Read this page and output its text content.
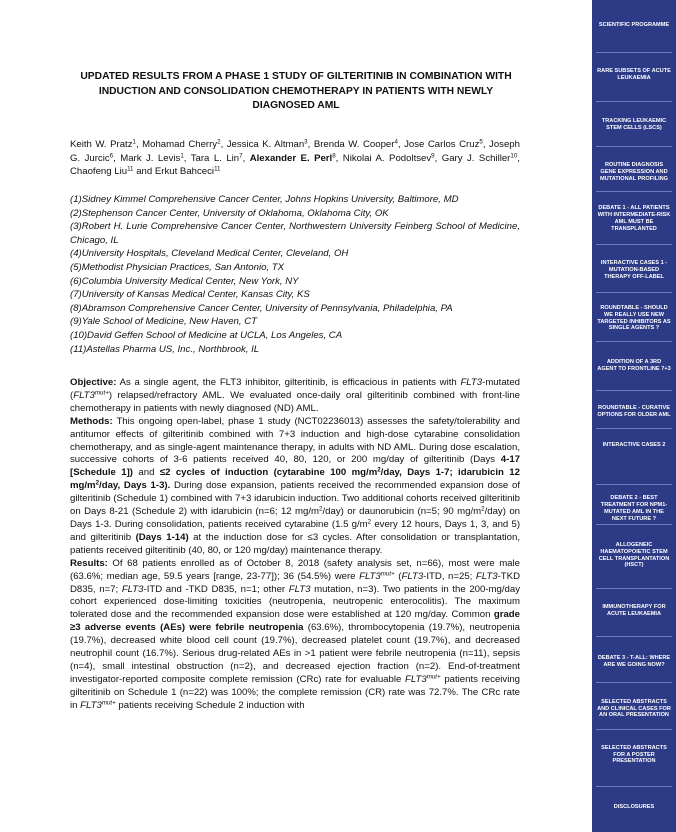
UPDATED RESULTS FROM A PHASE 1 STUDY OF GILTERITINIB IN COMBINATION WITH INDUCTION AND CONSOLIDATION CHEMOTHERAPY IN PATIENTS WITH NEWLY DIAGNOSED AML

Keith W. Pratz$^1$, Mohamad Cherry$^2$, Jessica K. Altman$^3$, Brenda W. Cooper$^4$, Jose Carlos Cruz$^5$, Joseph G. Jurcic$^6$, Mark J. Levis$^1$, Tara L. Lin$^7$, Alexander E. Perl$^8$, Nikolai A. Podoltsev$^9$, Gary J. Schiller$^{10}$, Chaofeng Liu$^{11}$ and Erkut Bahceci$^{11}$

(1)Sidney Kimmel Comprehensive Cancer Center, Johns Hopkins University, Baltimore, MD
(2)Stephenson Cancer Center, University of Oklahoma, Oklahoma City, OK
(3)Robert H. Lurie Comprehensive Cancer Center, Northwestern University Feinberg School of Medicine, Chicago, IL
(4)University Hospitals, Cleveland Medical Center, Cleveland, OH
(5)Methodist Physician Practices, San Antonio, TX
(6)Columbia University Medical Center, New York, NY
(7)University of Kansas Medical Center, Kansas City, KS
(8)Abramson Comprehensive Cancer Center, University of Pennsylvania, Philadelphia, PA
(9)Yale School of Medicine, New Haven, CT
(10)David Geffen School of Medicine at UCLA, Los Angeles, CA
(11)Astellas Pharma US, Inc., Northbrook, IL

Objective: As a single agent, the FLT3 inhibitor, gilteritinib, is efficacious in patients with FLT3-mutated $(FLT3^{mut+})$ relapsed/refractory AML. We evaluated once-daily oral gilteritinib combined with front-line chemotherapy in patients with newly diagnosed (ND) AML.

Methods: This ongoing open-label, phase 1 study (NCT02236013) assesses the safety/tolerability and antitumor effects of gilteritinib combined with 7+3 induction and high-dose cytarabine consolidation chemotherapy, and as single-agent maintenance therapy, in adults with ND AML. During dose escalation, successive cohorts of 3-6 patients received 40, 80, 120, or 200 mg/day of gilteritinib (Days 4-17 [Schedule 1]) and ≤2 cycles of induction (cytarabine 100 $mg/m^2$/day, Days 1-7; idarubicin 12 $mg/m^2$/day, Days 1-3). During dose expansion, patients received the recommended expansion dose of gilteritinib (Schedule 1) combined with 7+3 idarubicin induction. Two additional cohorts received gilteritinib on Days 8-21 (Schedule 2) with idarubicin (n=6; 12 $mg/m^2/day$) or daunorubicin (n=5; 90 $mg/m^2/day$) on Days 1-3. During consolidation, patients received cytarabine (1.5 $g/m^2$ every 12 hours, Days 1, 3, and 5) and gilteritinib (Days 1-14) at the induction dose for ≤3 cycles. After consolidation or transplantation, patients received gilteritinib (40, 80, or 120 mg/day) maintenance therapy.

Results: Of 68 patients enrolled as of October 8, 2018 (safety analysis set, n=66), most were male (63.6%; median age, 59.5 years [range, 23-77]); 36 (54.5%) were $FLT3^{mut+}$ (FLT3-ITD, n=25; FLT3-TKD D835, n=7; FLT3-ITD and -TKD D835, n=1; other FLT3 mutation, n=3). Two patients in the 200-mg/day cohort experienced dose-limiting toxicities (neutropenia, neutropenic enterocolitis). The maximum tolerated dose and the recommended expansion dose were established at 120 mg/day. Common grade ≥3 adverse events (AEs) were febrile neutropenia (63.6%), thrombocytopenia (19.7%), neutropenia (19.7%), decreased white blood cell count (19.7%), decreased platelet count (19.7%), and decreased neutrophil count (16.7%). Serious drug-related AEs in >1 patient were febrile neutropenia (n=11), sepsis (n=4), small intestinal obstruction (n=2), and decreased ejection fraction (n=2). End-of-treatment investigator-reported composite complete remission (CRc) rate for evaluable $FLT3^{mut+}$ patients receiving gilteritinib on Schedule 1 (n=22) was 100%; the complete remission (CR) rate was 72.7%. The CRc rate in $FLT3^{mut+}$ patients receiving Schedule 2 induction with

SCIENTIFIC PROGRAMME
RARE SUBSETS OF ACUTE LEUKAEMIA
TRACKING LEUKAEMIC STEM CELLS (LSCS)
ROUTINE DIAGNOSIS GENE EXPRESSION AND MUTATIONAL PROFILING
DEBATE 1 - ALL PATIENTS WITH INTERMEDIATE-RISK AML MUST BE TRANSPLANTED
INTERACTIVE CASES 1 - MUTATION-BASED THERAPY OFF-LABEL
ROUNDTABLE - SHOULD WE REALLY USE NEW TARGETED INHIBITORS AS SINGLE AGENTS ?
ADDITION OF A 3RD AGENT TO FRONTLINE 7+3
ROUNDTABLE - CURATIVE OPTIONS FOR OLDER AML
INTERACTIVE CASES 2
DEBATE 2 - BEST TREATMENT FOR NPM1-MUTATED AML IN THE NEXT FUTURE ?
ALLOGENEIC HAEMATOPOIETIC STEM CELL TRANSPLANTATION (HSCT)
IMMUNOTHERAPY FOR ACUTE LEUKAEMIA
DEBATE 3 - T-ALL: WHERE ARE WE GOING NOW?
SELECTED ABSTRACTS AND CLINICAL CASES FOR AN ORAL PRESENTATION
SELECTED ABSTRACTS FOR A POSTER PRESENTATION
DISCLOSURES
